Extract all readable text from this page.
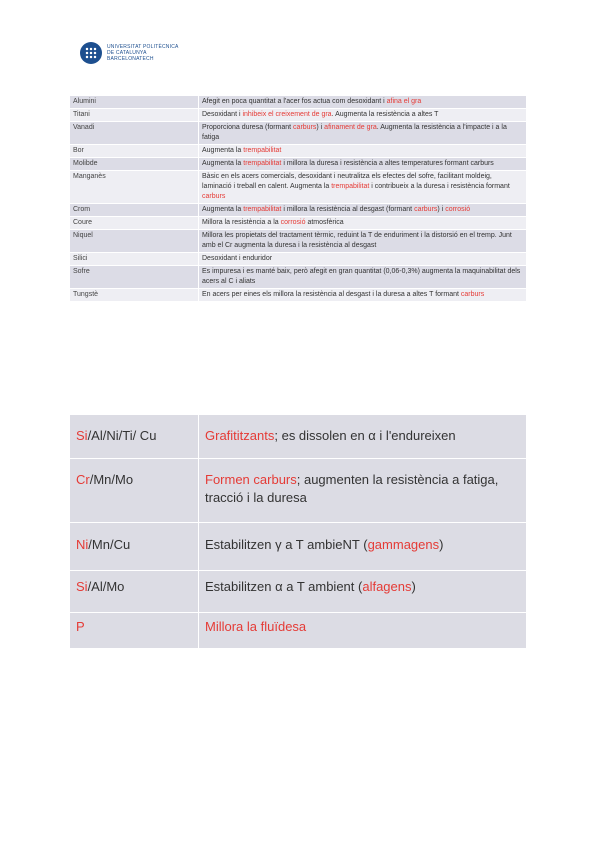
UNIVERSITAT POLITÈCNICA
DE CATALUNYA
BARCELONATECH
Alumini	Afegit en poca quantitat a l'acer fos actua com desoxidant i afina el gra
Titani	Desoxidant i inhibeix el creixement de gra. Augmenta la resistència a altes T
Vanadi	Proporciona duresa (formant carburs) i afinament de gra. Augmenta la resistència a l'impacte i a la fatiga
Bor	Augmenta la trempabilitat
Molibde	Augmenta la trempabilitat i millora la duresa i resistència a altes temperatures formant carburs
Manganès	Bàsic en els acers comercials, desoxidant i neutralitza els efectes del sofre, facilitant moldeig, laminació i treball en calent. Augmenta la trempabilitat i contribueix a la duresa i resistència formant carburs
Crom	Augmenta la trempabilitat i millora la resistència al desgast (formant carburs) i corrosió
Coure	Millora la resistència a la corrosió atmosfèrica
Niquel	Millora les propietats del tractament tèrmic, reduint la T de enduriment i la distorsió en el tremp. Junt amb el Cr augmenta la duresa i la resistència al desgast
Silici	Desoxidant i enduridor
Sofre	Es impuresa i es manté baix, però afegit en gran quantitat (0,06-0,3%) augmenta la maquinabilitat dels acers al C i aliats
Tungstè	En acers per eines els millora la resistència al desgast i la duresa a altes T formant carburs
Si/Al/Ni/Ti/ Cu	Grafititzants; es dissolen en α i l'endureixen
Cr/Mn/Mo	Formen carburs; augmenten la resistència a fatiga, tracció i la duresa
Ni/Mn/Cu	Estabilitzen γ a T ambieNT (gammagens)
Si/Al/Mo	Estabilitzen α a T ambient (alfagens)
P	Millora la fluïdesa
